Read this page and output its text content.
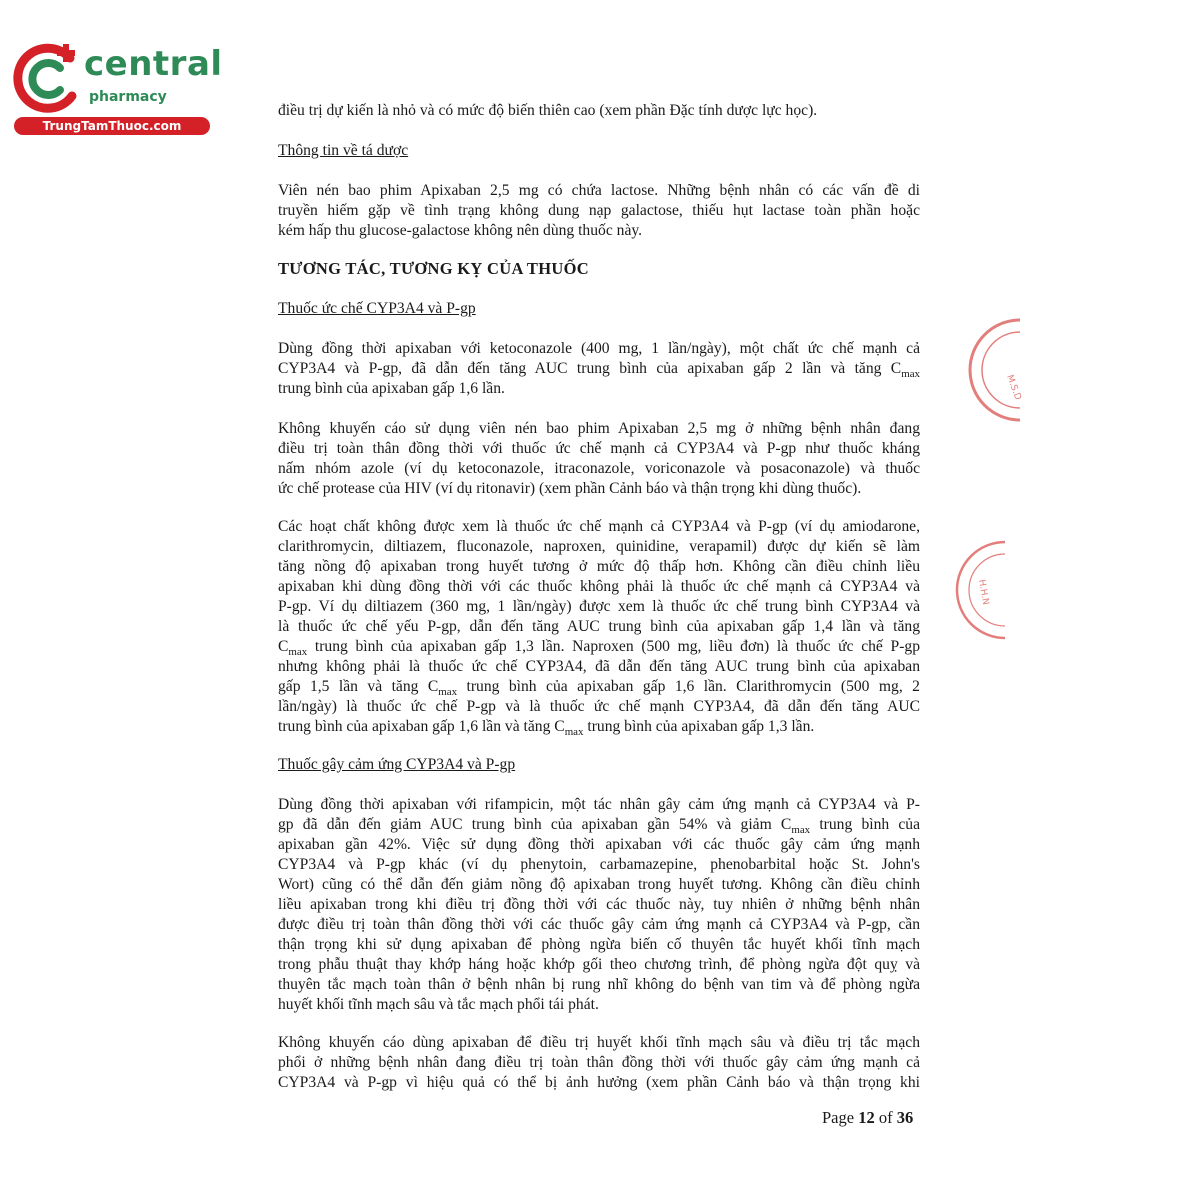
central
pharmacy
TrungTamThuoc.com
điều trị dự kiến là nhỏ và có mức độ biến thiên cao (xem phần Đặc tính dược lực học).
Thông tin về tá dược
Viên nén bao phim Apixaban 2,5 mg có chứa lactose. Những bệnh nhân có các vấn đề di
truyền hiếm gặp về tình trạng không dung nạp galactose, thiếu hụt lactase toàn phần hoặc
kém hấp thu glucose-galactose không nên dùng thuốc này.
TƯƠNG TÁC, TƯƠNG KỴ CỦA THUỐC
Thuốc ức chế CYP3A4 và P-gp
Dùng đồng thời apixaban với ketoconazole (400 mg, 1 lần/ngày), một chất ức chế mạnh cả
CYP3A4 và P-gp, đã dẫn đến tăng AUC trung bình của apixaban gấp 2 lần và tăng $C_{max}$
trung bình của apixaban gấp 1,6 lần.
Không khuyến cáo sử dụng viên nén bao phim Apixaban 2,5 mg ở những bệnh nhân đang
điều trị toàn thân đồng thời với thuốc ức chế mạnh cả CYP3A4 và P-gp như thuốc kháng
nấm nhóm azole (ví dụ ketoconazole, itraconazole, voriconazole và posaconazole) và thuốc
ức chế protease của HIV (ví dụ ritonavir) (xem phần Cảnh báo và thận trọng khi dùng thuốc).
Các hoạt chất không được xem là thuốc ức chế mạnh cả CYP3A4 và P-gp (ví dụ amiodarone,
clarithromycin, diltiazem, fluconazole, naproxen, quinidine, verapamil) được dự kiến sẽ làm
tăng nồng độ apixaban trong huyết tương ở mức độ thấp hơn. Không cần điều chỉnh liều
apixaban khi dùng đồng thời với các thuốc không phải là thuốc ức chế mạnh cả CYP3A4 và
P-gp. Ví dụ diltiazem (360 mg, 1 lần/ngày) được xem là thuốc ức chế trung bình CYP3A4 và
là thuốc ức chế yếu P-gp, dẫn đến tăng AUC trung bình của apixaban gấp 1,4 lần và tăng
$C_{max}$ trung bình của apixaban gấp 1,3 lần. Naproxen (500 mg, liều đơn) là thuốc ức chế P-gp
nhưng không phải là thuốc ức chế CYP3A4, đã dẫn đến tăng AUC trung bình của apixaban
gấp 1,5 lần và tăng $C_{max}$ trung bình của apixaban gấp 1,6 lần. Clarithromycin (500 mg, 2
lần/ngày) là thuốc ức chế P-gp và là thuốc ức chế mạnh CYP3A4, đã dẫn đến tăng AUC
trung bình của apixaban gấp 1,6 lần và tăng $C_{max}$ trung bình của apixaban gấp 1,3 lần.
Thuốc gây cảm ứng CYP3A4 và P-gp
Dùng đồng thời apixaban với rifampicin, một tác nhân gây cảm ứng mạnh cả CYP3A4 và P-
gp đã dẫn đến giảm AUC trung bình của apixaban gần 54% và giảm $C_{max}$ trung bình của
apixaban gần 42%. Việc sử dụng đồng thời apixaban với các thuốc gây cảm ứng mạnh
CYP3A4 và P-gp khác (ví dụ phenytoin, carbamazepine, phenobarbital hoặc St. John's
Wort) cũng có thể dẫn đến giảm nồng độ apixaban trong huyết tương. Không cần điều chỉnh
liều apixaban trong khi điều trị đồng thời với các thuốc này, tuy nhiên ở những bệnh nhân
được điều trị toàn thân đồng thời với các thuốc gây cảm ứng mạnh cả CYP3A4 và P-gp, cần
thận trọng khi sử dụng apixaban để phòng ngừa biến cố thuyên tắc huyết khối tĩnh mạch
trong phẫu thuật thay khớp háng hoặc khớp gối theo chương trình, để phòng ngừa đột quỵ và
thuyên tắc mạch toàn thân ở bệnh nhân bị rung nhĩ không do bệnh van tim và để phòng ngừa
huyết khối tĩnh mạch sâu và tắc mạch phổi tái phát.
Không khuyến cáo dùng apixaban để điều trị huyết khối tĩnh mạch sâu và điều trị tắc mạch
phổi ở những bệnh nhân đang điều trị toàn thân đồng thời với thuốc gây cảm ứng mạnh cả
CYP3A4 và P-gp vì hiệu quả có thể bị ảnh hưởng (xem phần Cảnh báo và thận trọng khi
Page 12 of 36
M.S.D
H.H.N
